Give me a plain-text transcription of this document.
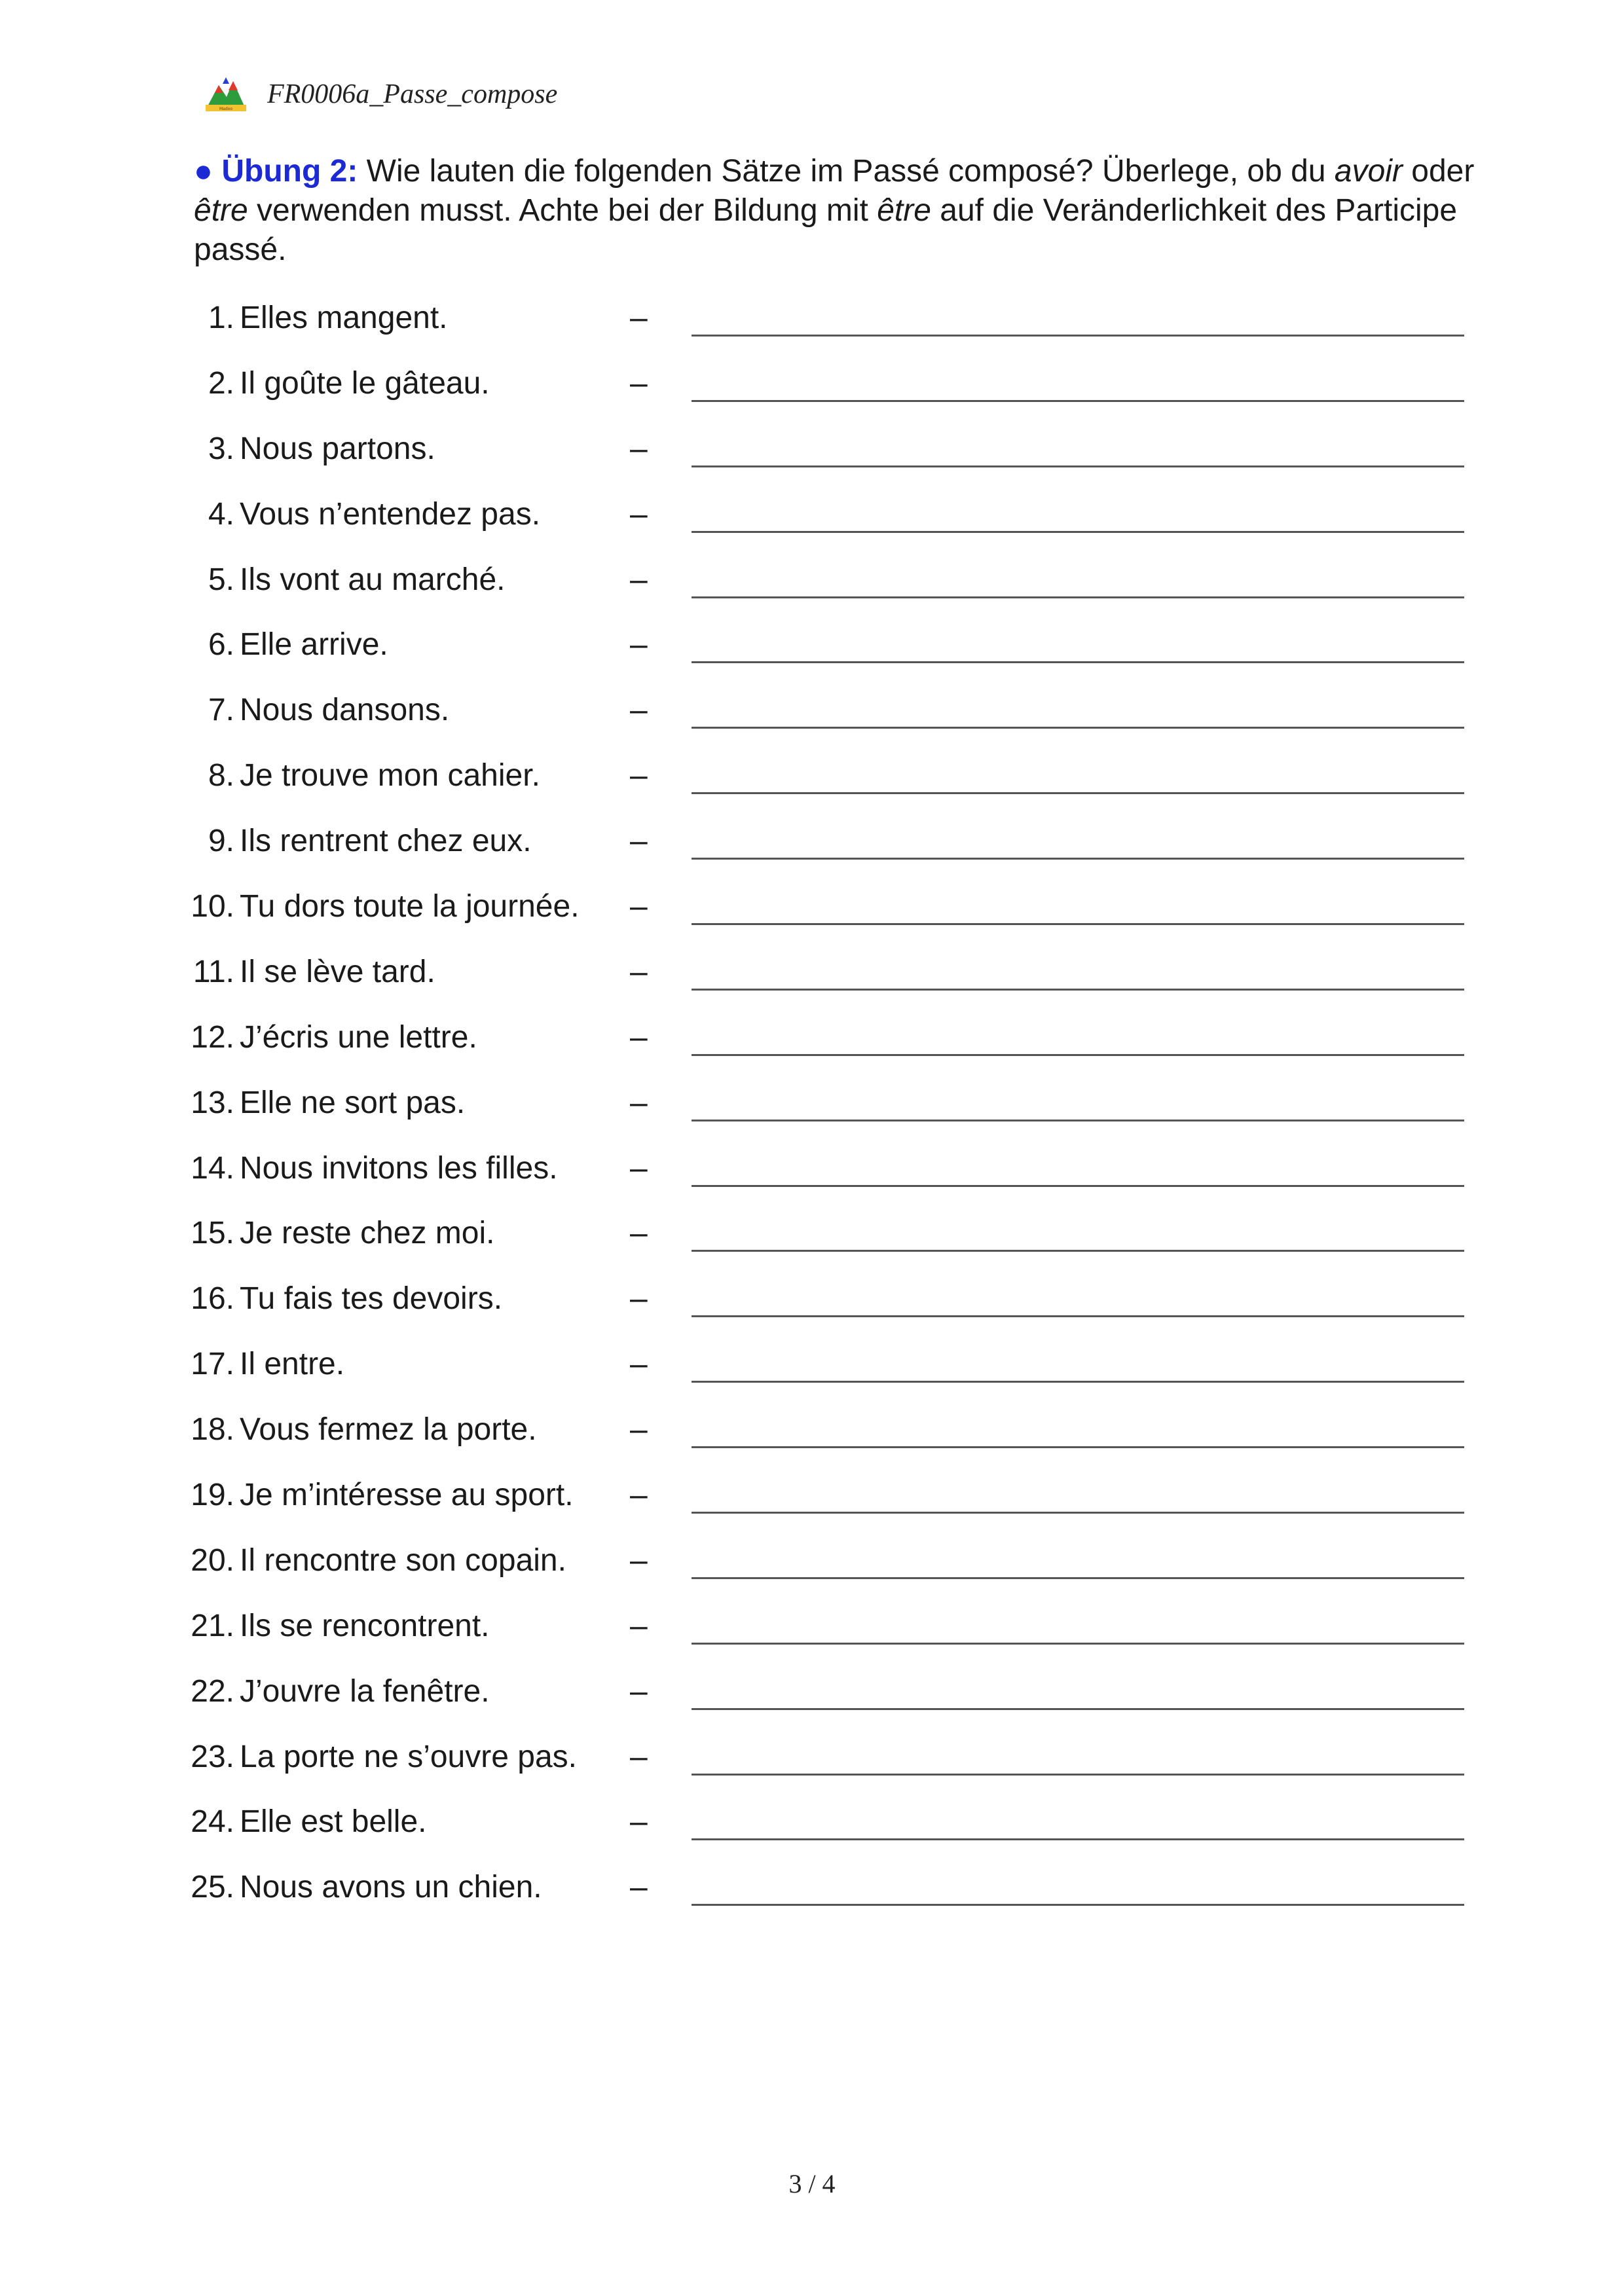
Madoo FR0006a_Passe_compose
● Übung 2: Wie lauten die folgenden Sätze im Passé composé? Überlege, ob du avoir oder être verwenden musst. Achte bei der Bildung mit être auf die Veränderlichkeit des Participe passé.
1. Elles mangent.	–
2. Il goûte le gâteau.	–
3. Nous partons.	–
4. Vous n’entendez pas.	–
5. Ils vont au marché.	–
6. Elle arrive.	–
7. Nous dansons.	–
8. Je trouve mon cahier.	–
9. Ils rentrent chez eux.	–
10. Tu dors toute la journée. –
11. Il se lève tard.	–
12. J’écris une lettre.	–
13. Elle ne sort pas.	–
14. Nous invitons les filles. –
15. Je reste chez moi.	–
16. Tu fais tes devoirs.	–
17. Il entre.	–
18. Vous fermez la porte.	–
19. Je m’intéresse au sport. –
20. Il rencontre son copain. –
21. Ils se rencontrent.	–
22. J’ouvre la fenêtre.	–
23. La porte ne s’ouvre pas. –
24. Elle est belle.	–
25. Nous avons un chien.	–
3 / 4
